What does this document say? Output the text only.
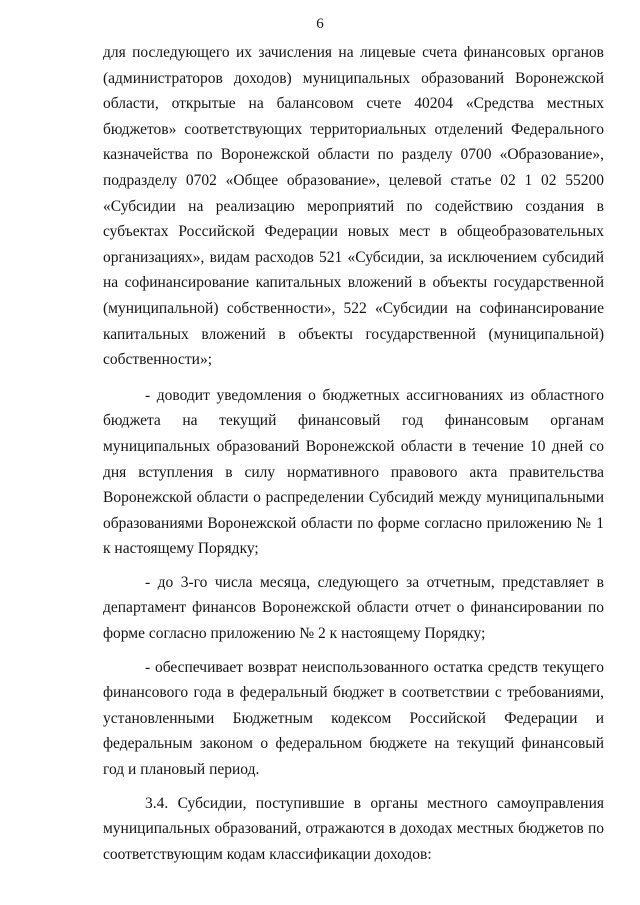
6

для последующего их зачисления на лицевые счета финансовых органов (администраторов доходов) муниципальных образований Воронежской области, открытые на балансовом счете 40204 «Средства местных бюджетов» соответствующих территориальных отделений Федерального казначейства по Воронежской области по разделу 0700 «Образование», подразделу 0702 «Общее образование», целевой статье 02 1 02 55200 «Субсидии на реализацию мероприятий по содействию создания в субъектах Российской Федерации новых мест в общеобразовательных организациях», видам расходов 521 «Субсидии, за исключением субсидий на софинансирование капитальных вложений в объекты государственной (муниципальной) собственности», 522 «Субсидии на софинансирование капитальных вложений в объекты государственной (муниципальной) собственности»;

- доводит уведомления о бюджетных ассигнованиях из областного бюджета на текущий финансовый год финансовым органам муниципальных образований Воронежской области в течение 10 дней со дня вступления в силу нормативного правового акта правительства Воронежской области о распределении Субсидий между муниципальными образованиями Воронежской области по форме согласно приложению № 1 к настоящему Порядку;

- до 3-го числа месяца, следующего за отчетным, представляет в департамент финансов Воронежской области отчет о финансировании по форме согласно приложению № 2 к настоящему Порядку;

- обеспечивает возврат неиспользованного остатка средств текущего финансового года в федеральный бюджет в соответствии с требованиями, установленными Бюджетным кодексом Российской Федерации и федеральным законом о федеральном бюджете на текущий финансовый год и плановый период.

3.4. Субсидии, поступившие в органы местного самоуправления муниципальных образований, отражаются в доходах местных бюджетов по соответствующим кодам классификации доходов:
